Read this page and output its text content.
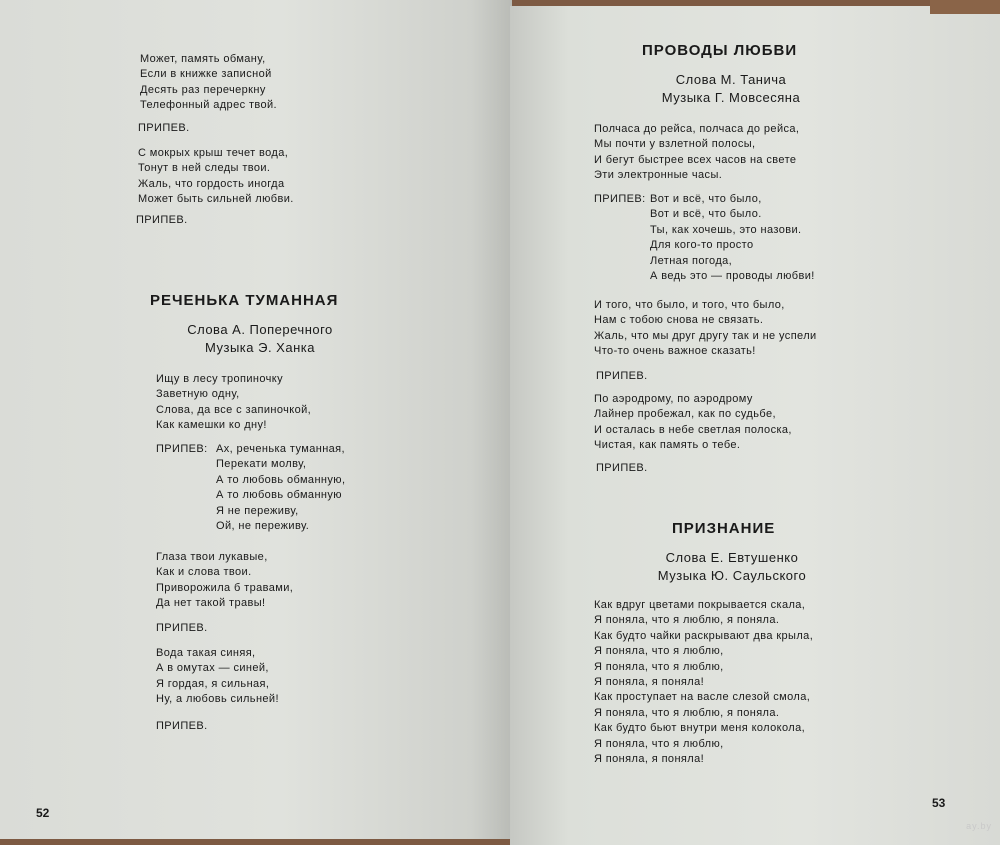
Может, память обману,
Если в книжке записной
Десять раз перечеркну
Телефонный адрес твой.
ПРИПЕВ.
С мокрых крыш течет вода,
Тонут в ней следы твои.
Жаль, что гордость иногда
Может быть сильней любви.
ПРИПЕВ.
РЕЧЕНЬКА ТУМАННАЯ
Слова А. Поперечного
Музыка Э. Ханка
Ищу в лесу тропиночку
Заветную одну,
Слова, да все с запиночкой,
Как камешки ко дну!
ПРИПЕВ: Ах, реченька туманная,
Перекати молву,
А то любовь обманную,
А то любовь обманную
Я не переживу,
Ой, не переживу.
Глаза твои лукавые,
Как и слова твои.
Приворожила б травами,
Да нет такой травы!
ПРИПЕВ.
Вода такая синяя,
А в омутах — синей,
Я гордая, я сильная,
Ну, а любовь сильней!
ПРИПЕВ.
52
ПРОВОДЫ ЛЮБВИ
Слова М. Танича
Музыка Г. Мовсесяна
Полчаса до рейса, полчаса до рейса,
Мы почти у взлетной полосы,
И бегут быстрее всех часов на свете
Эти электронные часы.
ПРИПЕВ: Вот и всё, что было,
Вот и всё, что было.
Ты, как хочешь, это назови.
Для кого-то просто
Летная погода,
А ведь это — проводы любви!
И того, что было, и того, что было,
Нам с тобою снова не связать.
Жаль, что мы друг другу так и не успели
Что-то очень важное сказать!
ПРИПЕВ.
По аэродрому, по аэродрому
Лайнер пробежал, как по судьбе,
И осталась в небе светлая полоска,
Чистая, как память о тебе.
ПРИПЕВ.
ПРИЗНАНИЕ
Слова Е. Евтушенко
Музыка Ю. Саульского
Как вдруг цветами покрывается скала,
Я поняла, что я люблю, я поняла.
Как будто чайки раскрывают два крыла,
Я поняла, что я люблю,
Я поняла, что я люблю,
Я поняла, я поняла!
Как проступает на васле слезой смола,
Я поняла, что я люблю, я поняла.
Как будто бьют внутри меня колокола,
Я поняла, что я люблю,
Я поняла, я поняла!
53
ay.by
